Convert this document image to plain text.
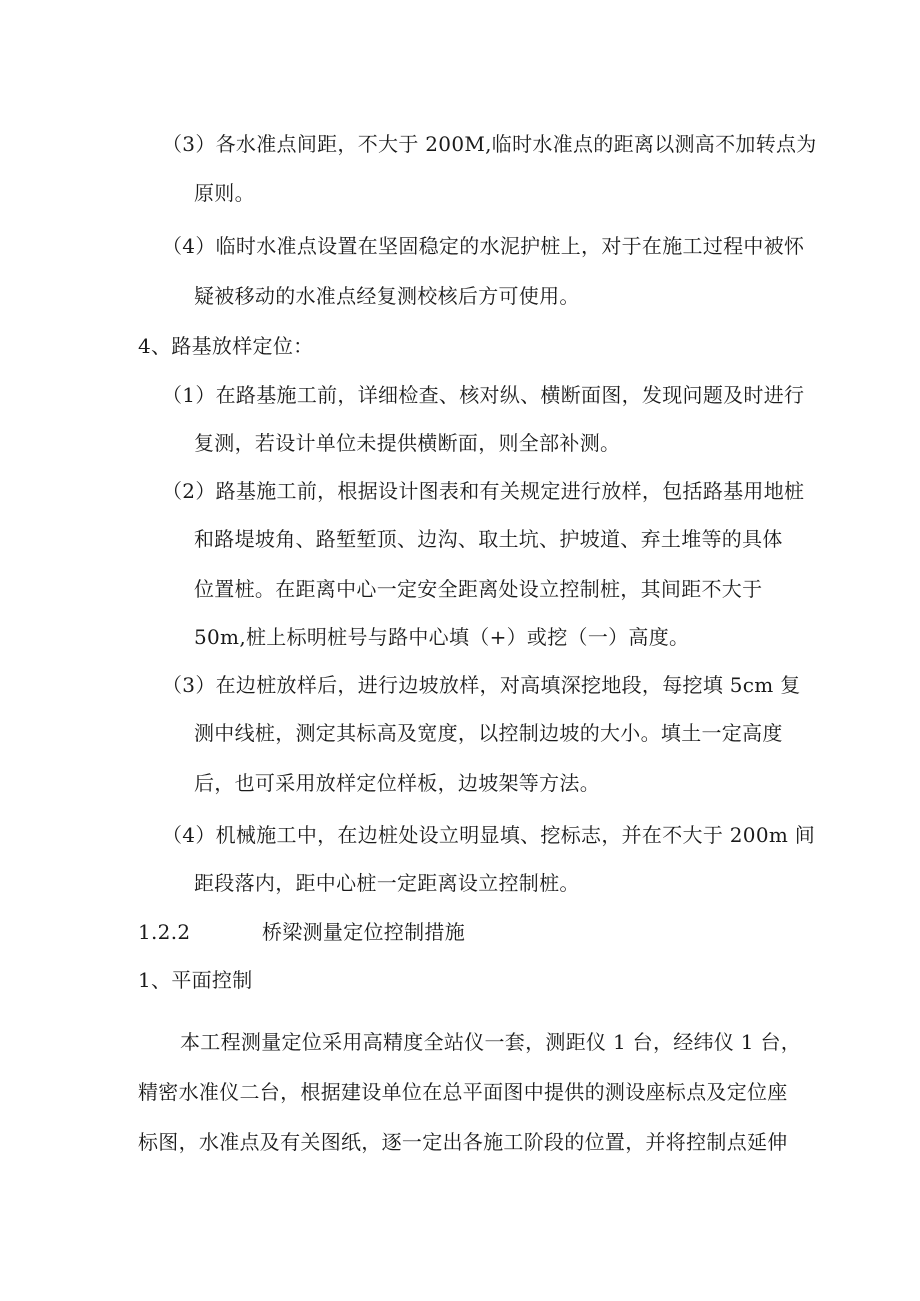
（3）各水准点间距，不大于 200M,临时水准点的距离以测高不加转点为
原则。
（4）临时水准点设置在坚固稳定的水泥护桩上，对于在施工过程中被怀
疑被移动的水准点经复测校核后方可使用。
4、路基放样定位：
（1）在路基施工前，详细检查、核对纵、横断面图，发现问题及时进行
复测，若设计单位未提供横断面，则全部补测。
（2）路基施工前，根据设计图表和有关规定进行放样，包括路基用地桩
和路堤坡角、路堑堑顶、边沟、取土坑、护坡道、弃土堆等的具体
位置桩。在距离中心一定安全距离处设立控制桩，其间距不大于
50m,桩上标明桩号与路中心填（+）或挖（一）高度。
（3）在边桩放样后，进行边坡放样，对高填深挖地段，每挖填 5cm 复
测中线桩，测定其标高及宽度，以控制边坡的大小。填土一定高度
后，也可采用放样定位样板，边坡架等方法。
（4）机械施工中，在边桩处设立明显填、挖标志，并在不大于 200m 间
距段落内，距中心桩一定距离设立控制桩。
1.2.2	桥梁测量定位控制措施
1、平面控制
本工程测量定位采用高精度全站仪一套，测距仪 1 台，经纬仪 1 台，
精密水准仪二台，根据建设单位在总平面图中提供的测设座标点及定位座
标图，水准点及有关图纸，逐一定出各施工阶段的位置，并将控制点延伸
